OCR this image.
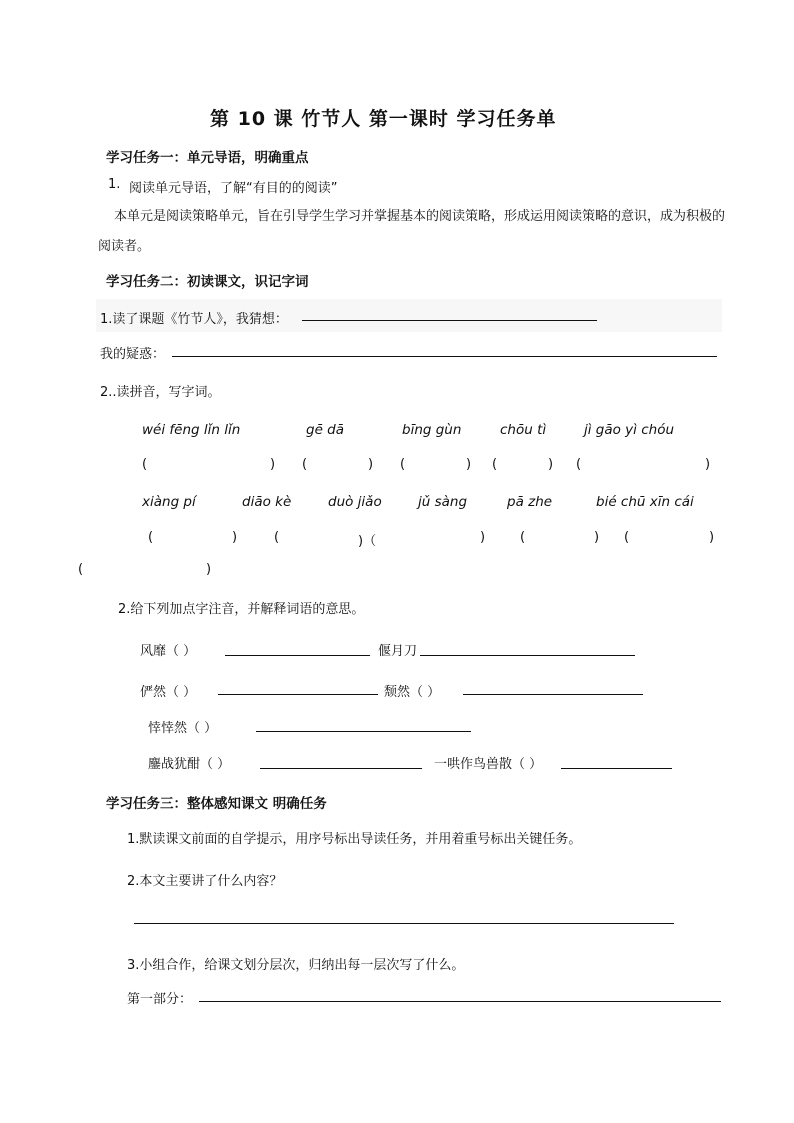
第 10 课 竹节人 第一课时 学习任务单
学习任务一：单元导语，明确重点
1. 阅读单元导语，了解“有目的的阅读”
本单元是阅读策略单元，旨在引导学生学习并掌握基本的阅读策略，形成运用阅读策略的意识，成为积极的阅读者。
学习任务二：初读课文，识记字词
1.读了课题《竹节人》，我猜想：
我的疑惑：
2..读拼音，写字词。
wéi fēng lǐn lǐn	gē dā	bīng gùn	chōu tì	jì gāo yì chóu
(	) (	) (	) (	) (	)
xiàng pí	diāo kè	duò jiǎo	jǔ sàng	pā zhe	bié chū xīn cái
(	)	(	)（	)	(	) (	)
(	)
2.给下列加点字注音，并解释词语的意思。
风靡（ ）	偃月刀
俨然（ ）	颓然（ ）
悻悻然（ ）
鏖战犹酣（ ）	一哄作鸟兽散（ ）
学习任务三：整体感知课文 明确任务
1.默读课文前面的自学提示，用序号标出导读任务，并用着重号标出关键任务。
2.本文主要讲了什么内容？
3.小组合作，给课文划分层次，归纳出每一层次写了什么。
第一部分：
